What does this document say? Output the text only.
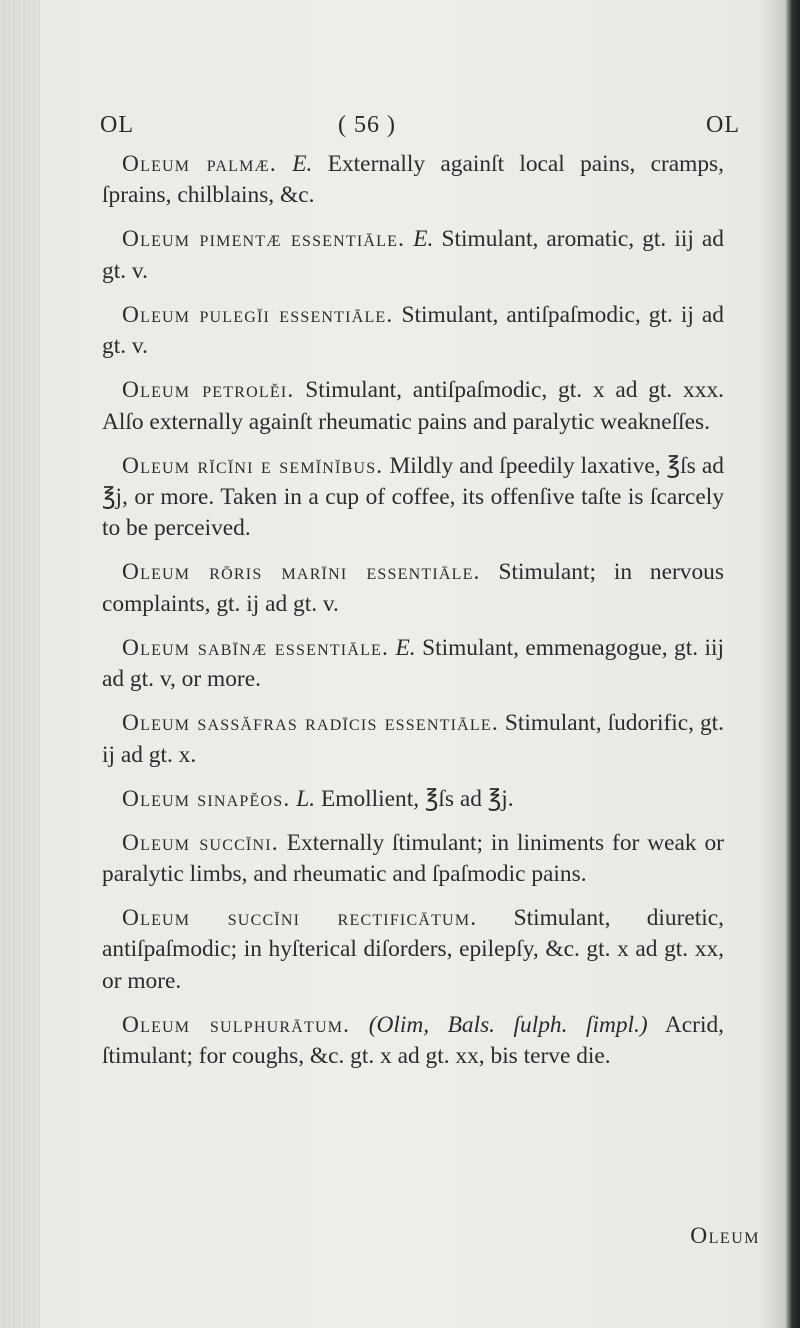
OL	( 56 )	OL

Oleum palmæ. E. Externally againſt local pains, cramps, ſprains, chilblains, &c.

Oleum pimentæ essentiāle. E. Stimulant, aromatic, gt. iij ad gt. v.

Oleum pulegĭi essentiāle. Stimulant, antiſpaſmodic, gt. ij ad gt. v.

Oleum petrolĕi. Stimulant, antiſpaſmodic, gt. x ad gt. xxx. Alſo externally againſt rheumatic pains and paralytic weakneſſes.

Oleum rĭcĭni e semĭnĭbus. Mildly and ſpeedily laxative, ℥ſs ad ℥j, or more. Taken in a cup of coffee, its offenſive taſte is ſcarcely to be perceived.

Oleum rōris marīni essentiāle. Stimulant; in nervous complaints, gt. ij ad gt. v.

Oleum sabīnæ essentiāle. E. Stimulant, emmenagogue, gt. iij ad gt. v, or more.

Oleum sassăfras radīcis essentiāle. Stimulant, ſudorific, gt. ij ad gt. x.

Oleum sinapĕos. L. Emollient, ℥ſs ad ℥j.

Oleum succĭni. Externally ſtimulant; in liniments for weak or paralytic limbs, and rheumatic and ſpaſmodic pains.

Oleum succĭni rectificātum. Stimulant, diuretic, antiſpaſmodic; in hyſterical diſorders, epilepſy, &c. gt. x ad gt. xx, or more.

Oleum sulphurātum. (Olim, Bals. ſulph. ſimpl.) Acrid, ſtimulant; for coughs, &c. gt. x ad gt. xx, bis terve die.

Oleum
